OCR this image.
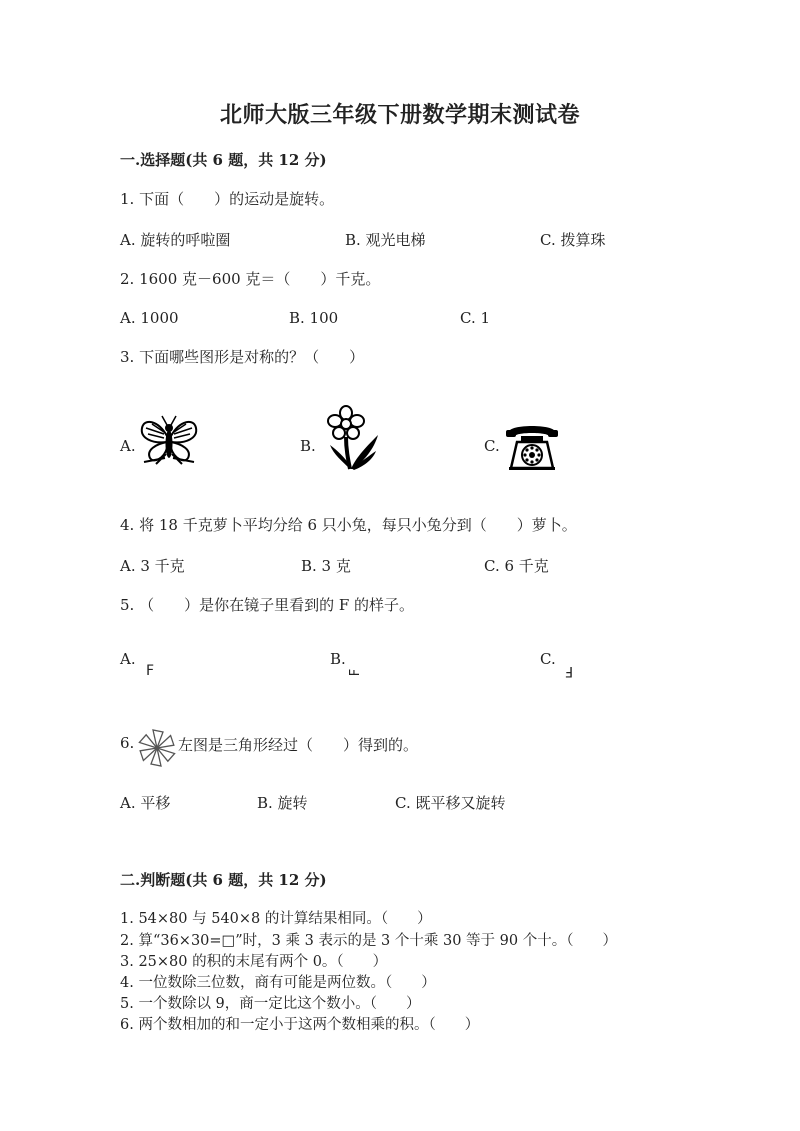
北师大版三年级下册数学期末测试卷
一.选择题(共 6 题，共 12 分)
1. 下面（　　）的运动是旋转。
A. 旋转的呼啦圈	B. 观光电梯	C. 拨算珠
2. 1600 克－600 克＝（　　）千克。
A. 1000	B. 100	C. 1
3. 下面哪些图形是对称的？（　　）
A.	B.	C.
4. 将 18 千克萝卜平均分给 6 只小兔，每只小兔分到（　　）萝卜。
A. 3 千克	B. 3 克	C. 6 千克
5. （　　）是你在镜子里看到的 F 的样子。
A.
F
B.
F
C.
F
6.	左图是三角形经过（　　）得到的。
A. 平移	B. 旋转	C. 既平移又旋转
二.判断题(共 6 题，共 12 分)
1. 54×80 与 540×8 的计算结果相同。（　　）
2. 算“36×30=□”时，3 乘 3 表示的是 3 个十乘 30 等于 90 个十。（　　）
3. 25×80 的积的末尾有两个 0。（　　）
4. 一位数除三位数，商有可能是两位数。（　　）
5. 一个数除以 9，商一定比这个数小。（　　）
6. 两个数相加的和一定小于这两个数相乘的积。（　　）
